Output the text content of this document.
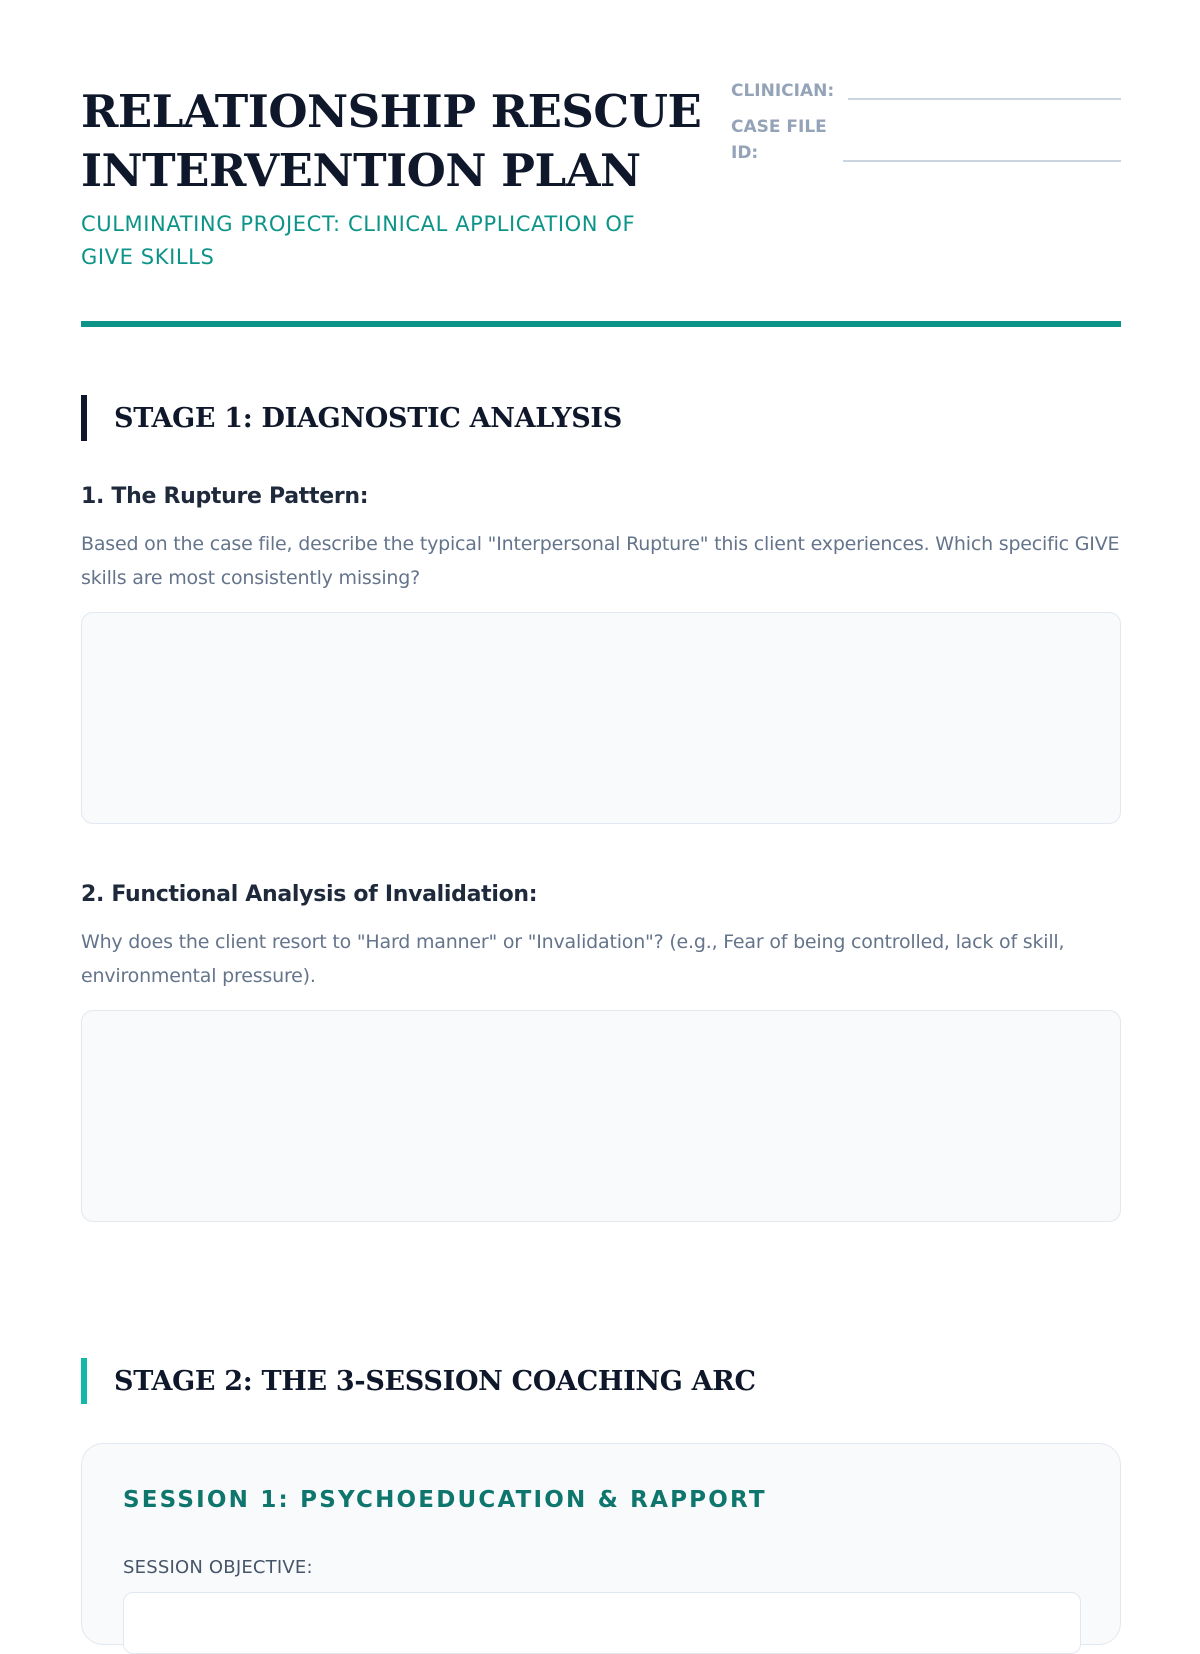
RELATIONSHIP RESCUE
INTERVENTION PLAN
CULMINATING PROJECT: CLINICAL APPLICATION OF
GIVE SKILLS
CLINICIAN:
CASE FILE
ID:
STAGE 1: DIAGNOSTIC ANALYSIS
1. The Rupture Pattern:
Based on the case file, describe the typical "Interpersonal Rupture" this client experiences. Which specific GIVE skills are most consistently missing?
2. Functional Analysis of Invalidation:
Why does the client resort to "Hard manner" or "Invalidation"? (e.g., Fear of being controlled, lack of skill, environmental pressure).
STAGE 2: THE 3-SESSION COACHING ARC
SESSION 1: PSYCHOEDUCATION & RAPPORT
SESSION OBJECTIVE:
